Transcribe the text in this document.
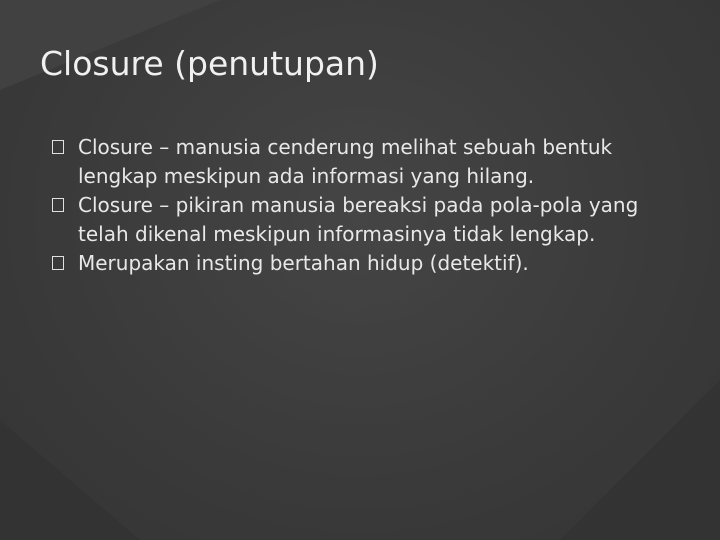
Closure (penutupan)
Closure – manusia cenderung melihat sebuah bentuk lengkap meskipun ada informasi yang hilang.
Closure – pikiran manusia bereaksi pada pola-pola yang telah dikenal meskipun informasinya tidak lengkap.
Merupakan insting bertahan hidup (detektif).
